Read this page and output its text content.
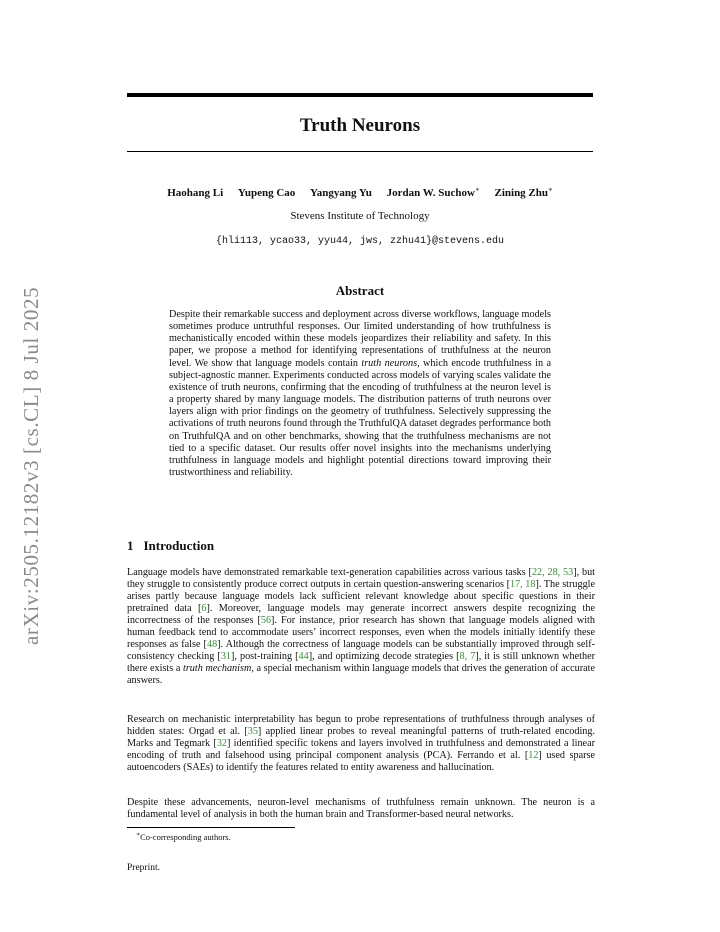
arXiv:2505.12182v3 [cs.CL] 8 Jul 2025
Truth Neurons
Haohang Li Yupeng Cao Yangyang Yu Jordan W. Suchow∗ Zining Zhu∗
Stevens Institute of Technology
{hli113, ycao33, yyu44, jws, zzhu41}@stevens.edu
Abstract

Despite their remarkable success and deployment across diverse workflows, language models sometimes produce untruthful responses. Our limited understanding of how truthfulness is mechanistically encoded within these models jeopardizes their reliability and safety. In this paper, we propose a method for identifying representations of truthfulness at the neuron level. We show that language models contain truth neurons, which encode truthfulness in a subject-agnostic manner. Experiments conducted across models of varying scales validate the existence of truth neurons, confirming that the encoding of truthfulness at the neuron level is a property shared by many language models. The distribution patterns of truth neurons over layers align with prior findings on the geometry of truthfulness. Selectively suppressing the activations of truth neurons found through the TruthfulQA dataset degrades performance both on TruthfulQA and on other benchmarks, showing that the truthfulness mechanisms are not tied to a specific dataset. Our results offer novel insights into the mechanisms underlying truthfulness in language models and highlight potential directions toward improving their trustworthiness and reliability.

1 Introduction

Language models have demonstrated remarkable text-generation capabilities across various tasks [22, 28, 53], but they struggle to consistently produce correct outputs in certain question-answering scenarios [17, 18]. The struggle arises partly because language models lack sufficient relevant knowledge about specific questions in their pretrained data [6]. Moreover, language models may generate incorrect answers despite recognizing the incorrectness of the responses [56]. For instance, prior research has shown that language models aligned with human feedback tend to accommodate users’ incorrect responses, even when the models initially identify these responses as false [48]. Although the correctness of language models can be substantially improved through self-consistency checking [31], post-training [44], and optimizing decode strategies [8, 7], it is still unknown whether there exists a truth mechanism, a special mechanism within language models that drives the generation of accurate answers.

Research on mechanistic interpretability has begun to probe representations of truthfulness through analyses of hidden states: Orgad et al. [35] applied linear probes to reveal meaningful patterns of truth-related encoding. Marks and Tegmark [32] identified specific tokens and layers involved in truthfulness and demonstrated a linear encoding of truth and falsehood using principal component analysis (PCA). Ferrando et al. [12] used sparse autoencoders (SAEs) to identify the features related to entity awareness and hallucination.

Despite these advancements, neuron-level mechanisms of truthfulness remain unknown. The neuron is a fundamental level of analysis in both the human brain and Transformer-based neural networks.

∗Co-corresponding authors.

Preprint.
